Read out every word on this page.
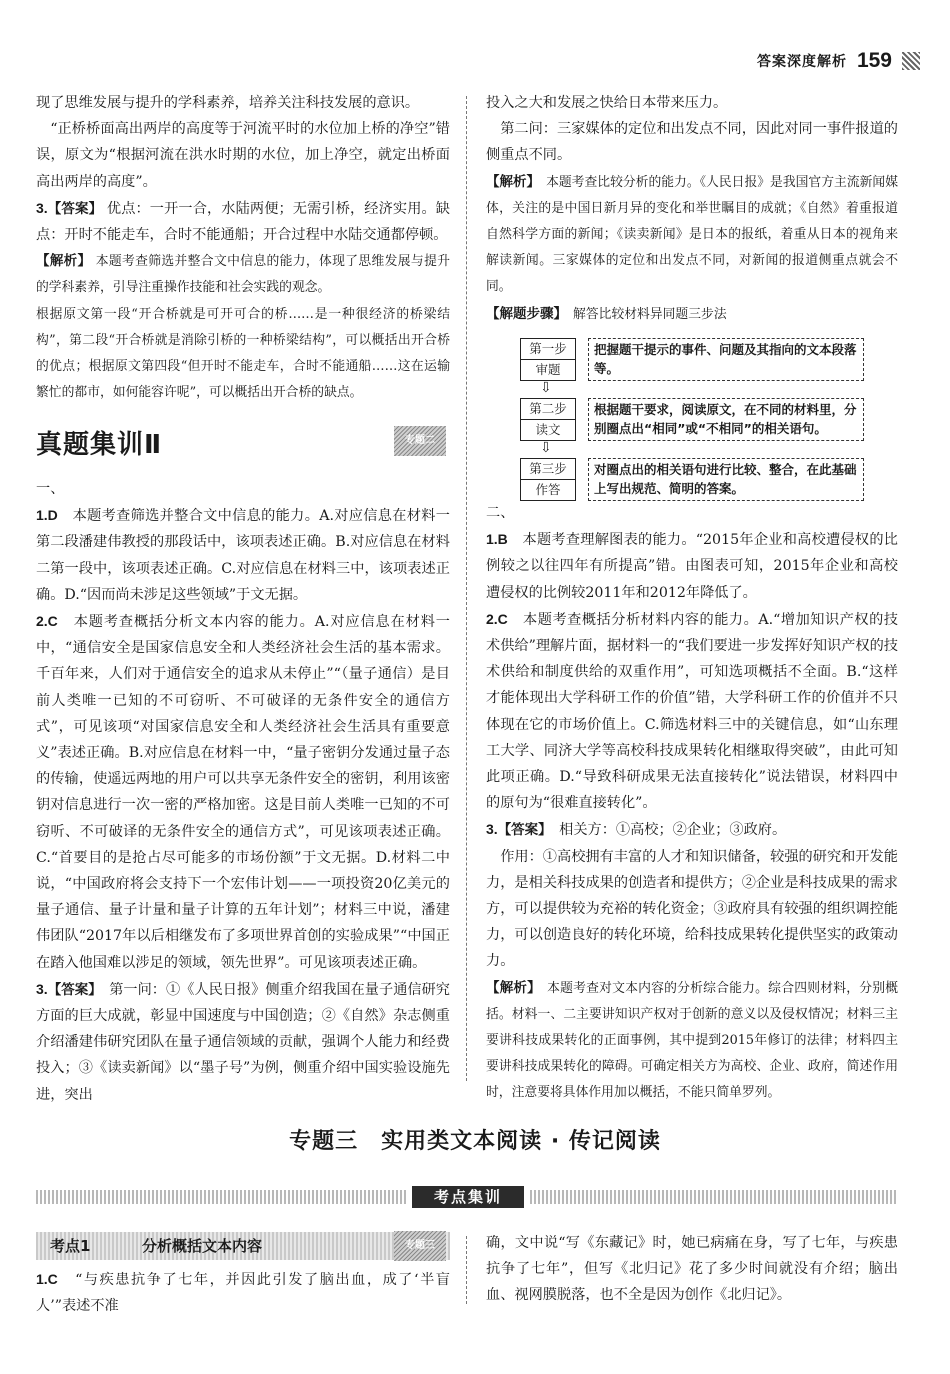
答案深度解析 159

现了思维发展与提升的学科素养，培养关注科技发展的意识。

“正桥桥面高出两岸的高度等于河流平时的水位加上桥的净空”错误，原文为“根据河流在洪水时期的水位，加上净空，就定出桥面高出两岸的高度”。

3.【答案】 优点：一开一合，水陆两便；无需引桥，经济实用。缺点：开时不能走车，合时不能通船；开合过程中水陆交通都停顿。

【解析】 本题考查筛选并整合文中信息的能力，体现了思维发展与提升的学科素养，引导注重操作技能和社会实践的观念。

根据原文第一段“开合桥就是可开可合的桥……是一种很经济的桥梁结构”，第二段“开合桥就是消除引桥的一种桥梁结构”，可以概括出开合桥的优点；根据原文第四段“但开时不能走车，合时不能通船……这在运输繁忙的都市，如何能容许呢”，可以概括出开合桥的缺点。

真题集训Ⅱ	专题二

一、

1.D　 本题考查筛选并整合文中信息的能力。A.对应信息在材料一第二段潘建伟教授的那段话中，该项表述正确。B.对应信息在材料二第一段中，该项表述正确。C.对应信息在材料三中，该项表述正确。D.“因而尚未涉足这些领域”于文无据。

2.C　 本题考查概括分析文本内容的能力。A.对应信息在材料一中，“通信安全是国家信息安全和人类经济社会生活的基本需求。千百年来，人们对于通信安全的追求从未停止”“（量子通信）是目前人类唯一已知的不可窃听、不可破译的无条件安全的通信方式”，可见该项“对国家信息安全和人类经济社会生活具有重要意义”表述正确。B.对应信息在材料一中，“量子密钥分发通过量子态的传输，使遥远两地的用户可以共享无条件安全的密钥，利用该密钥对信息进行一次一密的严格加密。这是目前人类唯一已知的不可窃听、不可破译的无条件安全的通信方式”，可见该项表述正确。C.“首要目的是抢占尽可能多的市场份额”于文无据。D.材料二中说，“中国政府将会支持下一个宏伟计划——一项投资20亿美元的量子通信、量子计量和量子计算的五年计划”；材料三中说，潘建伟团队“2017年以后相继发布了多项世界首创的实验成果”“中国正在踏入他国难以涉足的领域，领先世界”。可见该项表述正确。

3.【答案】　 第一问：①《人民日报》侧重介绍我国在量子通信研究方面的巨大成就，彰显中国速度与中国创造；②《自然》杂志侧重介绍潘建伟研究团队在量子通信领域的贡献，强调个人能力和经费投入；③《读卖新闻》以“墨子号”为例，侧重介绍中国实验设施先进，突出

投入之大和发展之快给日本带来压力。

第二问：三家媒体的定位和出发点不同，因此对同一事件报道的侧重点不同。

【解析】　 本题考查比较分析的能力。《人民日报》是我国官方主流新闻媒体，关注的是中国日新月异的变化和举世瞩目的成就；《自然》着重报道自然科学方面的新闻；《读卖新闻》是日本的报纸，着重从日本的视角来解读新闻。三家媒体的定位和出发点不同，对新闻的报道侧重点就会不同。

【解题步骤】　 解答比较材料异同题三步法

第一步
审题
把握题干提示的事件、问题及其指向的文本段落等。
⇩
第二步
读文
根据题干要求，阅读原文，在不同的材料里，分别圈点出“相同”或“不相同”的相关语句。
⇩
第三步
作答
对圈点出的相关语句进行比较、整合，在此基础上写出规范、简明的答案。

二、

1.B　 本题考查理解图表的能力。“2015年企业和高校遭侵权的比例较之以往四年有所提高”错。由图表可知，2015年企业和高校遭侵权的比例较2011年和2012年降低了。

2.C　 本题考查概括分析材料内容的能力。A.“增加知识产权的技术供给”理解片面，据材料一的“我们要进一步发挥好知识产权的技术供给和制度供给的双重作用”，可知选项概括不全面。B.“这样才能体现出大学科研工作的价值”错，大学科研工作的价值并不只体现在它的市场价值上。C.筛选材料三中的关键信息，如“山东理工大学、同济大学等高校科技成果转化相继取得突破”，由此可知此项正确。D.“导致科研成果无法直接转化”说法错误，材料四中的原句为“很难直接转化”。

3.【答案】　 相关方：①高校；②企业；③政府。

作用：①高校拥有丰富的人才和知识储备，较强的研究和开发能力，是相关科技成果的创造者和提供方；②企业是科技成果的需求方，可以提供较为充裕的转化资金；③政府具有较强的组织调控能力，可以创造良好的转化环境，给科技成果转化提供坚实的政策动力。

【解析】　 本题考查对文本内容的分析综合能力。综合四则材料，分别概括。材料一、二主要讲知识产权对于创新的意义以及侵权情况；材料三主要讲科技成果转化的正面事例，其中提到2015年修订的法律；材料四主要讲科技成果转化的障碍。可确定相关方为高校、企业、政府，简述作用时，注意要将具体作用加以概括，不能只简单罗列。

专题三　实用类文本阅读 · 传记阅读
考点集训
考点1	分析概括文本内容	专题三

1.C　 “与疾患抗争了七年，并因此引发了脑出血，成了‘半盲人’”表述不准

确，文中说“写《东藏记》时，她已病痛在身，写了七年，与疾患抗争了七年”，但写《北归记》花了多少时间就没有介绍；脑出血、视网膜脱落，也不全是因为创作《北归记》。
